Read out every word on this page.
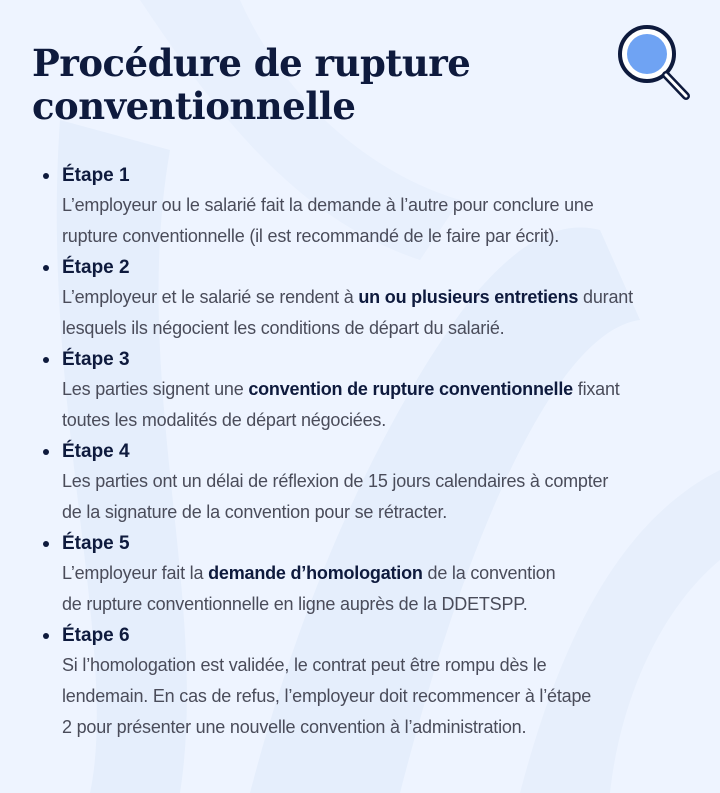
Procédure de rupture
conventionnelle
Étape 1
L’employeur ou le salarié fait la demande à l’autre pour conclure une
rupture conventionnelle (il est recommandé de le faire par écrit).
Étape 2
L’employeur et le salarié se rendent à un ou plusieurs entretiens durant
lesquels ils négocient les conditions de départ du salarié.
Étape 3
Les parties signent une convention de rupture conventionnelle fixant
toutes les modalités de départ négociées.
Étape 4
Les parties ont un délai de réflexion de 15 jours calendaires à compter
de la signature de la convention pour se rétracter.
Étape 5
L’employeur fait la demande d’homologation de la convention
de rupture conventionnelle en ligne auprès de la DDETSPP.
Étape 6
Si l’homologation est validée, le contrat peut être rompu dès le
lendemain. En cas de refus, l’employeur doit recommencer à l’étape
2 pour présenter une nouvelle convention à l’administration.
